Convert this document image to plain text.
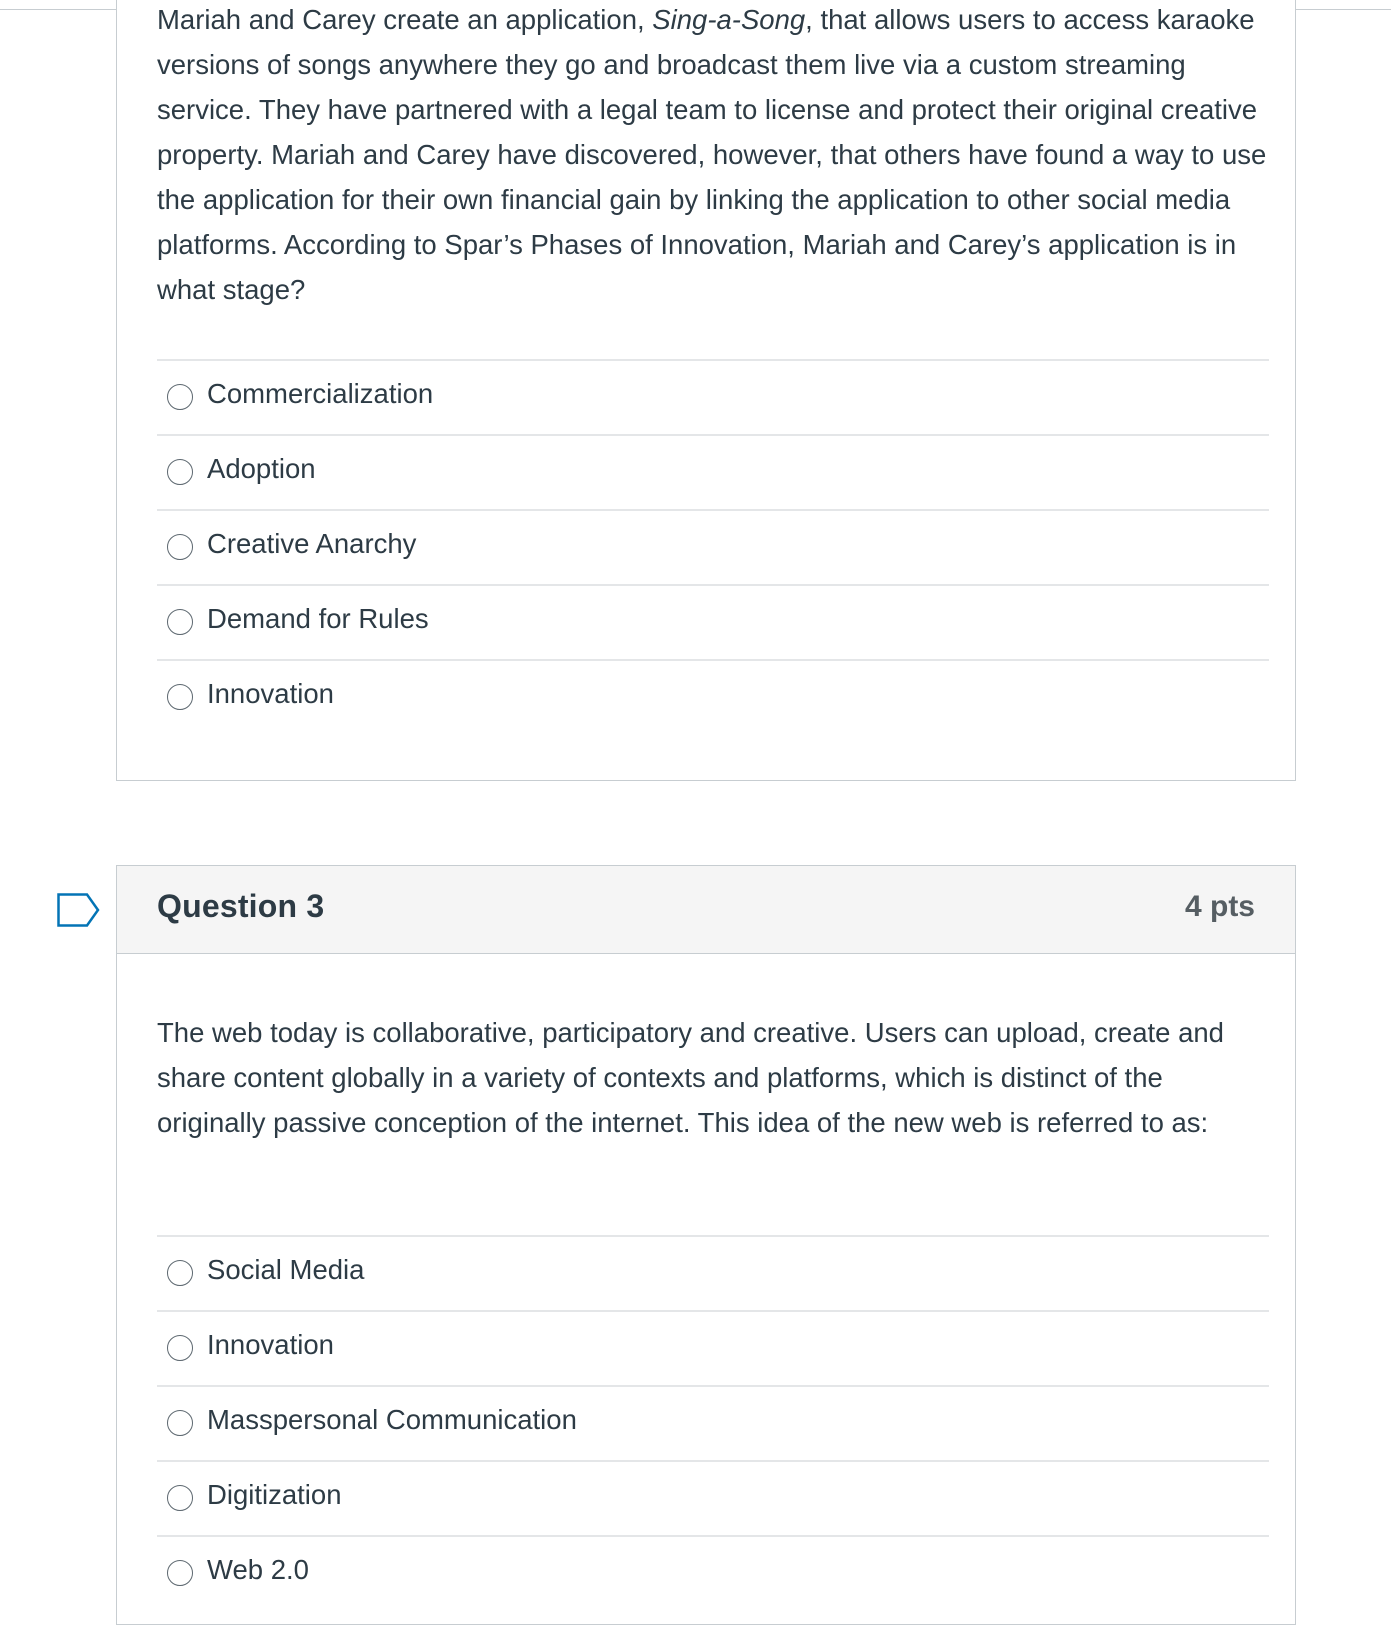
Mariah and Carey create an application, Sing-a-Song, that allows users to access karaoke versions of songs anywhere they go and broadcast them live via a custom streaming service. They have partnered with a legal team to license and protect their original creative property. Mariah and Carey have discovered, however, that others have found a way to use the application for their own financial gain by linking the application to other social media platforms. According to Spar’s Phases of Innovation, Mariah and Carey’s application is in what stage?
Commercialization
Adoption
Creative Anarchy
Demand for Rules
Innovation
Question 3	4 pts
The web today is collaborative, participatory and creative. Users can upload, create and share content globally in a variety of contexts and platforms, which is distinct of the originally passive conception of the internet. This idea of the new web is referred to as:
Social Media
Innovation
Masspersonal Communication
Digitization
Web 2.0
